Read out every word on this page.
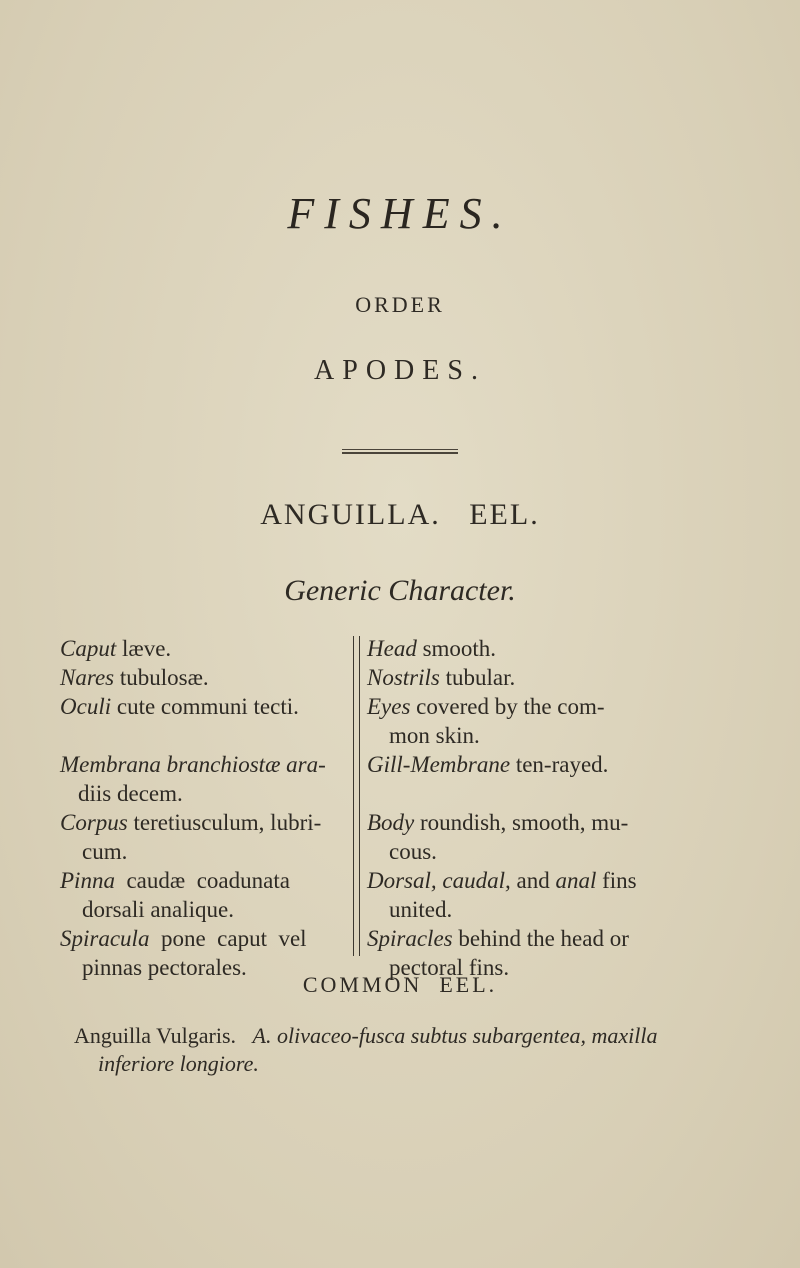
FISHES.
ORDER
APODES.
ANGUILLA.   EEL.
Generic Character.
Caput læve.
Nares tubulosæ.
Oculi cute communi tecti.
Membrana branchiostæ ara-
diis decem.
Corpus teretiusculum, lubri-
cum.
Pinna  caudæ  coadunata
dorsali analique.
Spiracula  pone  caput  vel
pinnas pectorales.
Head smooth.
Nostrils tubular.
Eyes covered by the com-
mon skin.
Gill-Membrane ten-rayed.
Body roundish, smooth, mu-
cous.
Dorsal, caudal, and anal fins
united.
Spiracles behind the head or
pectoral fins.
COMMON  EEL.
Anguilla Vulgaris. A. olivaceo-fusca subtus subargentea, maxilla
inferiore longiore.
